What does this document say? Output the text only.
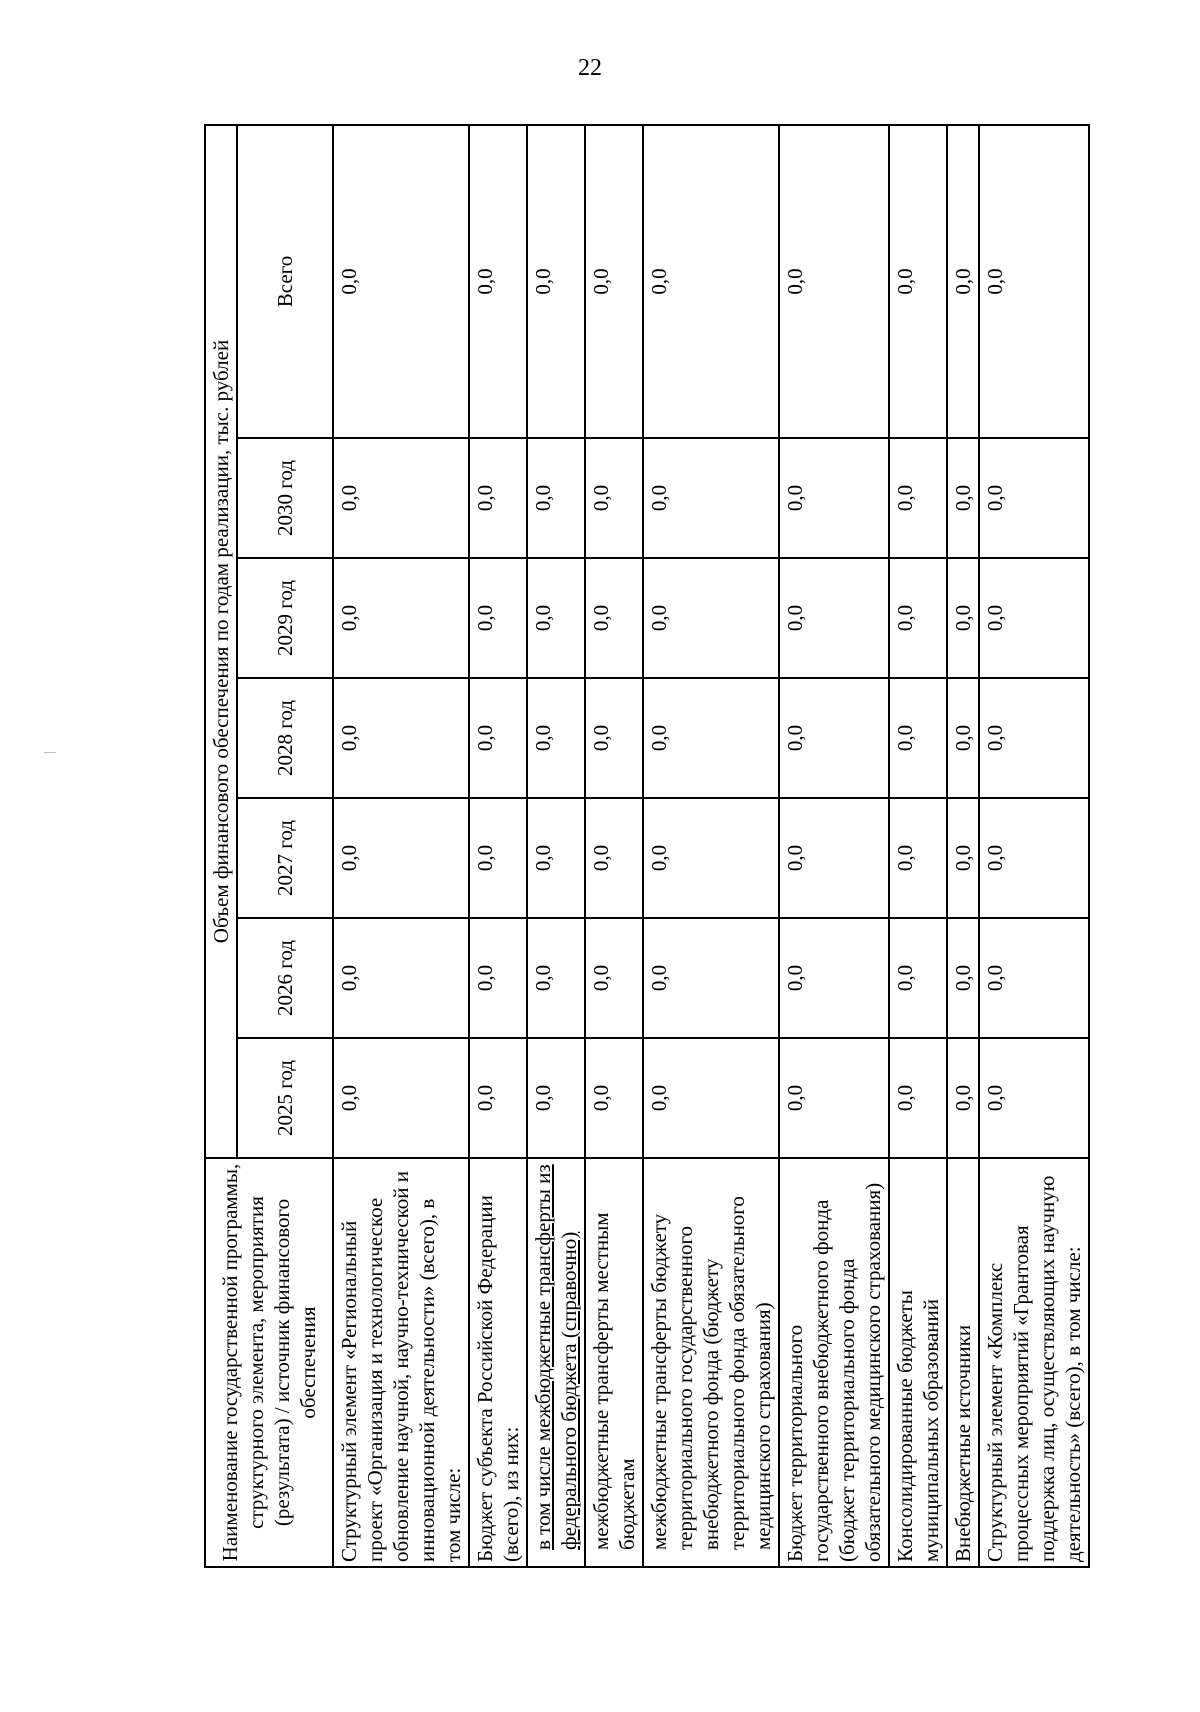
22
Наименование государственной программы, структурного элемента, мероприятия (результата) / источник финансового обеспечения	Объем финансового обеспечения по годам реализации, тыс. рублей						
	2025 год	2026 год	2027 год	2028 год	2029 год	2030 год	Всего
Структурный элемент «Региональный проект «Организация и технологическое обновление научной, научно-технической и инновационной деятельности» (всего), в том числе:	0,0	0,0	0,0	0,0	0,0	0,0	0,0
Бюджет субъекта Российской Федерации (всего), из них:	0,0	0,0	0,0	0,0	0,0	0,0	0,0
в том числе межбюджетные трансферты из федерального бюджета (справочно)	0,0	0,0	0,0	0,0	0,0	0,0	0,0
межбюджетные трансферты местным бюджетам	0,0	0,0	0,0	0,0	0,0	0,0	0,0
межбюджетные трансферты бюджету территориального государственного внебюджетного фонда (бюджету территориального фонда обязательного медицинского страхования)	0,0	0,0	0,0	0,0	0,0	0,0	0,0
Бюджет территориального государственного внебюджетного фонда (бюджет территориального фонда обязательного медицинского страхования)	0,0	0,0	0,0	0,0	0,0	0,0	0,0
Консолидированные бюджеты муниципальных образований	0,0	0,0	0,0	0,0	0,0	0,0	0,0
Внебюджетные источники	0,0	0,0	0,0	0,0	0,0	0,0	0,0
Структурный элемент «Комплекс процессных мероприятий «Грантовая поддержка лиц, осуществляющих научную деятельность» (всего), в том числе:	0,0	0,0	0,0	0,0	0,0	0,0	0,0
